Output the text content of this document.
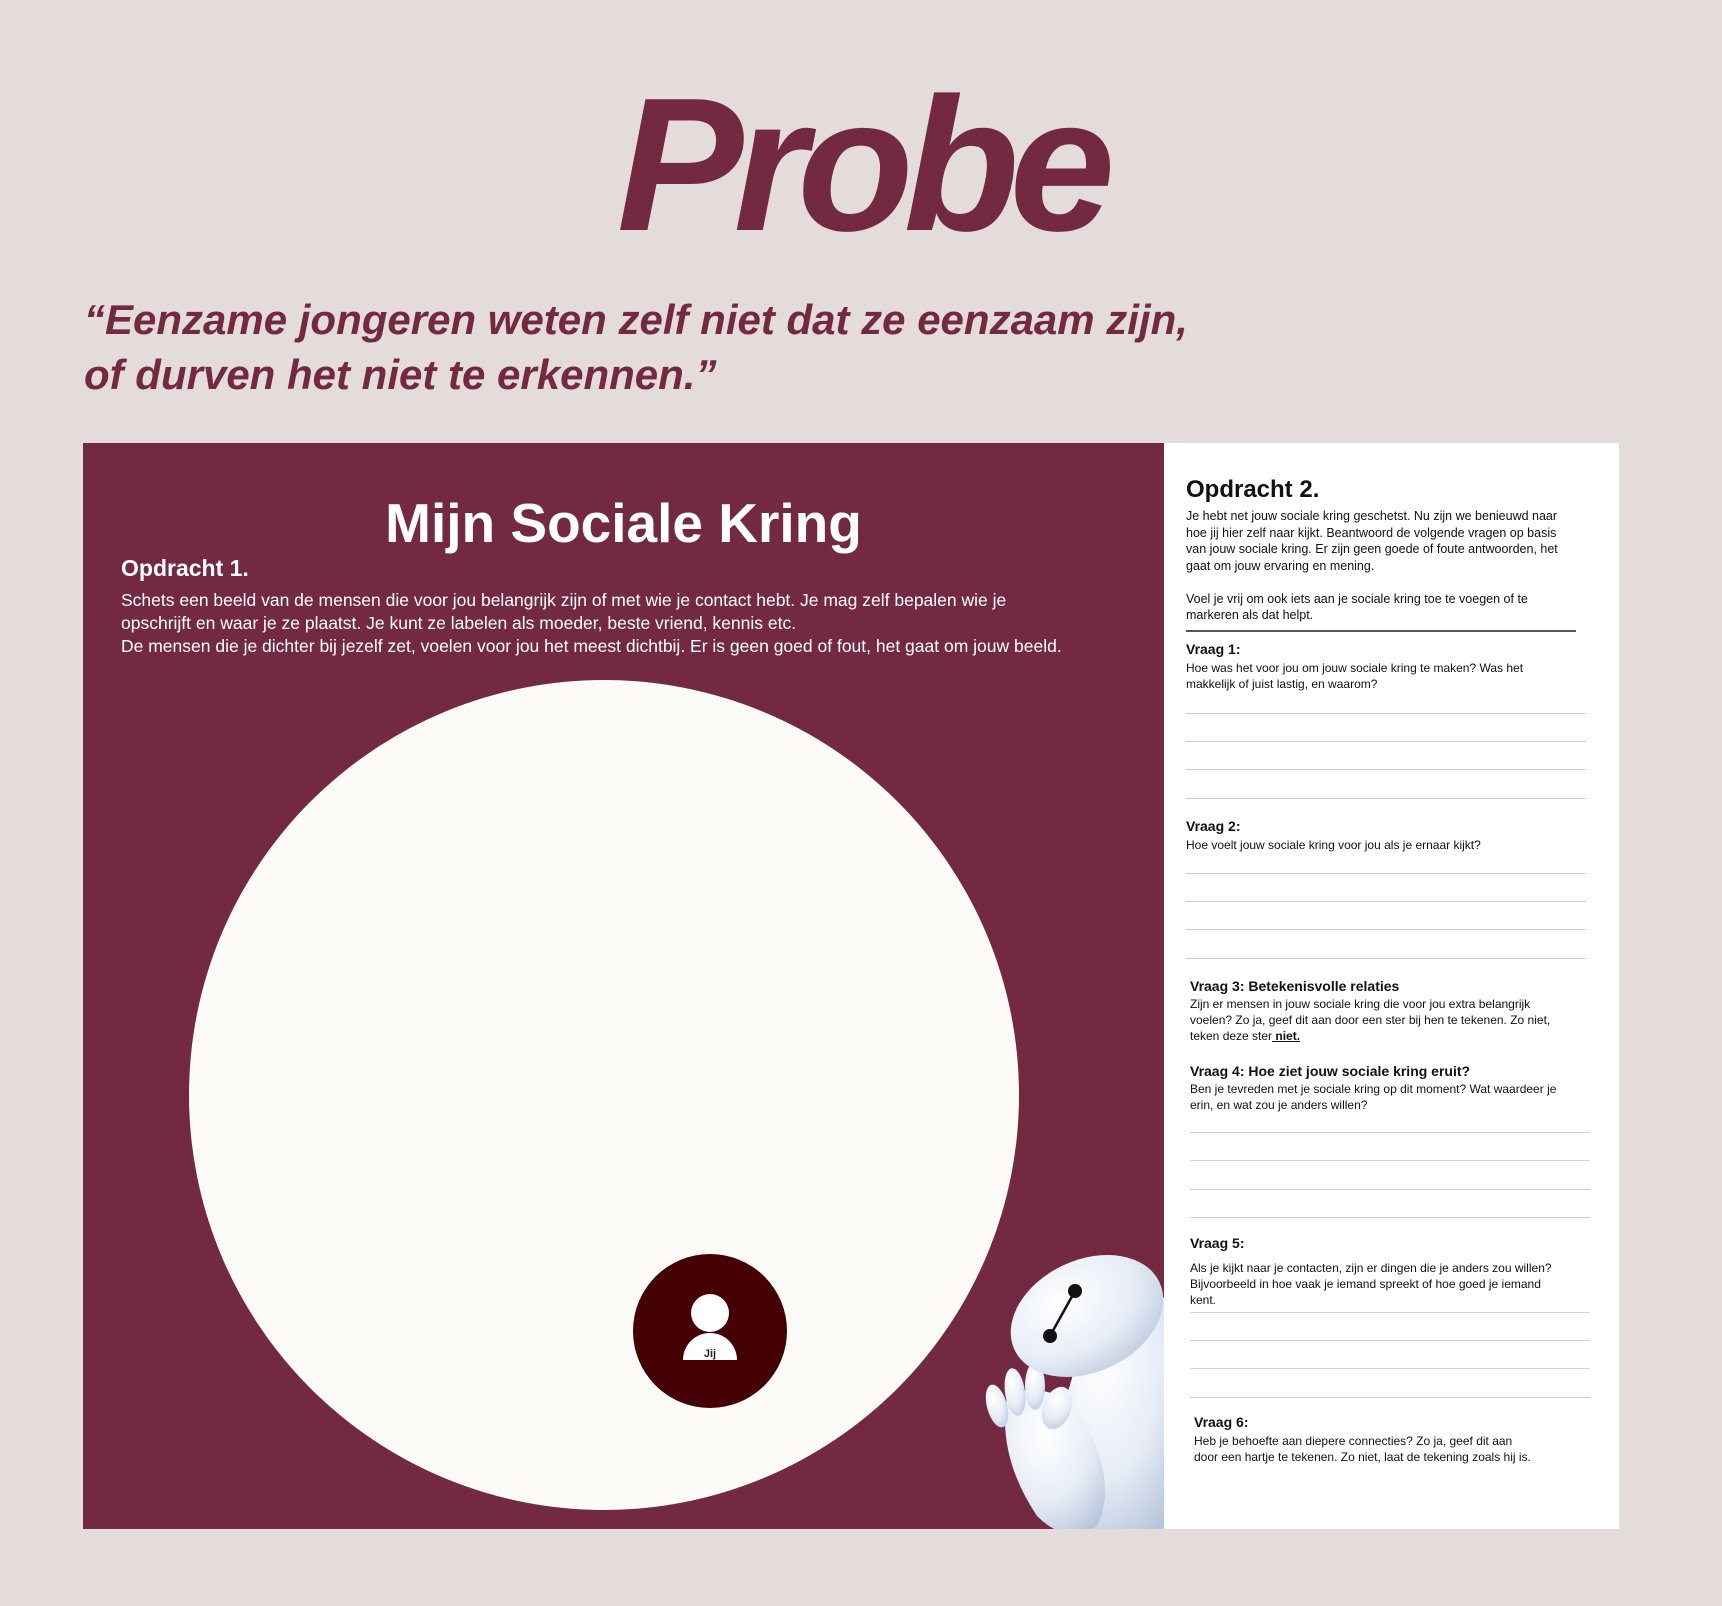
Probe

“Eenzame jongeren weten zelf niet dat ze eenzaam zijn,
of durven het niet te erkennen.”

Mijn Sociale Kring
Opdracht 1.

Schets een beeld van de mensen die voor jou belangrijk zijn of met wie je contact hebt. Je mag zelf bepalen wie je
opschrijft en waar je ze plaatst. Je kunt ze labelen als moeder, beste vriend, kennis etc.
De mensen die je dichter bij jezelf zet, voelen voor jou het meest dichtbij. Er is geen goed of fout, het gaat om jouw beeld.

Jij
Opdracht 2.

Je hebt net jouw sociale kring geschetst. Nu zijn we benieuwd naar
hoe jij hier zelf naar kijkt. Beantwoord de volgende vragen op basis
van jouw sociale kring. Er zijn geen goede of foute antwoorden, het
gaat om jouw ervaring en mening.
Voel je vrij om ook iets aan je sociale kring toe te voegen of te
markeren als dat helpt.

Vraag 1:
Hoe was het voor jou om jouw sociale kring te maken? Was het makkelijk of juist lastig, en waarom?
Vraag 2:
Hoe voelt jouw sociale kring voor jou als je ernaar kijkt?
Vraag 3: Betekenisvolle relaties
Zijn er mensen in jouw sociale kring die voor jou extra belangrijk voelen? Zo ja, geef dit aan door een ster bij hen te tekenen. Zo niet, teken deze ster niet.
Vraag 4: Hoe ziet jouw sociale kring eruit?
Ben je tevreden met je sociale kring op dit moment? Wat waardeer je erin, en wat zou je anders willen?
Vraag 5:
Als je kijkt naar je contacten, zijn er dingen die je anders zou willen? Bijvoorbeeld in hoe vaak je iemand spreekt of hoe goed je iemand kent.
Vraag 6:
Heb je behoefte aan diepere connecties? Zo ja, geef dit aan door een hartje te tekenen. Zo niet, laat de tekening zoals hij is.
